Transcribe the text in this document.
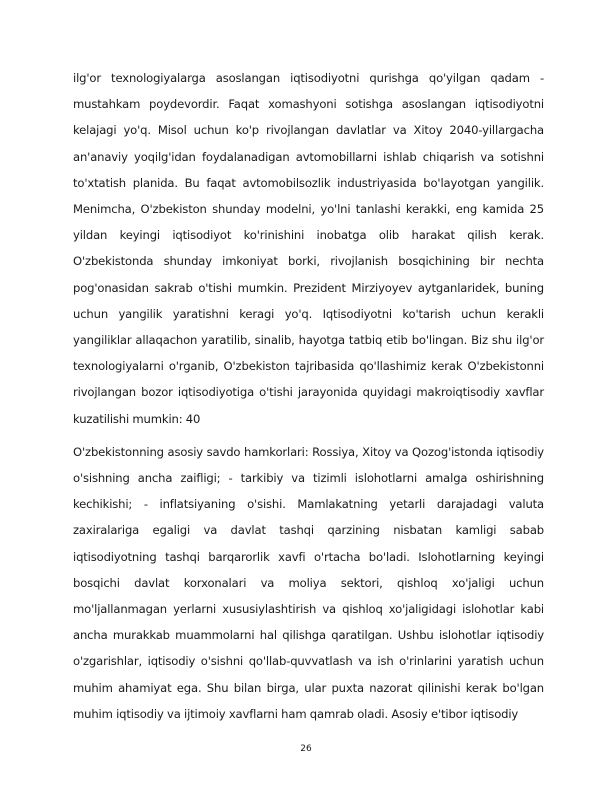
ilg'or texnologiyalarga asoslangan iqtisodiyotni qurishga qo'yilgan qadam - mustahkam poydevordir. Faqat xomashyoni sotishga asoslangan iqtisodiyotni kelajagi yo'q. Misol uchun ko'p rivojlangan davlatlar va Xitoy 2040-yillargacha an'anaviy yoqilg'idan foydalanadigan avtomobillarni ishlab chiqarish va sotishni to'xtatish planida. Bu faqat avtomobilsozlik industriyasida bo'layotgan yangilik. Menimcha, O'zbekiston shunday modelni, yo'lni tanlashi kerakki, eng kamida 25 yildan keyingi iqtisodiyot ko'rinishini inobatga olib harakat qilish kerak. O'zbekistonda shunday imkoniyat borki, rivojlanish bosqichining bir nechta pog'onasidan sakrab o'tishi mumkin. Prezident Mirziyoyev aytganlaridek, buning uchun yangilik yaratishni keragi yo'q. Iqtisodiyotni ko'tarish uchun kerakli yangiliklar allaqachon yaratilib, sinalib, hayotga tatbiq etib bo'lingan. Biz shu ilg'or texnologiyalarni o'rganib, O'zbekiston tajribasida qo'llashimiz kerak O'zbekistonni rivojlangan bozor iqtisodiyotiga o'tishi jarayonida quyidagi makroiqtisodiy xavflar kuzatilishi mumkin: 40

O'zbekistonning asosiy savdo hamkorlari: Rossiya, Xitoy va Qozog'istonda iqtisodiy o'sishning ancha zaifligi; - tarkibiy va tizimli islohotlarni amalga oshirishning kechikishi; - inflatsiyaning o'sishi. Mamlakatning yetarli darajadagi valuta zaxiralariga egaligi va davlat tashqi qarzining nisbatan kamligi sabab iqtisodiyotning tashqi barqarorlik xavfi o'rtacha bo'ladi. Islohotlarning keyingi bosqichi davlat korxonalari va moliya sektori, qishloq xo'jaligi uchun mo'ljallanmagan yerlarni xususiylashtirish va qishloq xo'jaligidagi islohotlar kabi ancha murakkab muammolarni hal qilishga qaratilgan. Ushbu islohotlar iqtisodiy o'zgarishlar, iqtisodiy o'sishni qo'llab-quvvatlash va ish o'rinlarini yaratish uchun muhim ahamiyat ega. Shu bilan birga, ular puxta nazorat qilinishi kerak bo'lgan muhim iqtisodiy va ijtimoiy xavflarni ham qamrab oladi. Asosiy e'tibor iqtisodiy

26
